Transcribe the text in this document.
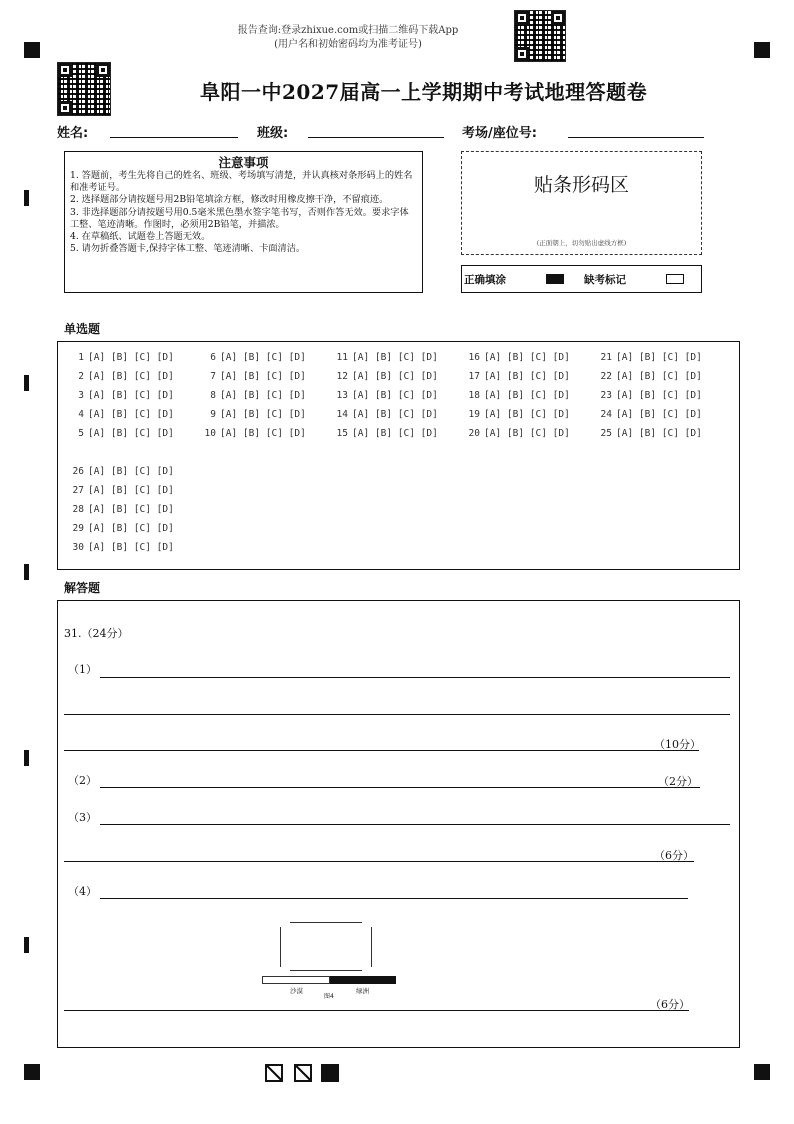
报告查询:登录zhixue.com或扫描二维码下载App
(用户名和初始密码均为准考证号)
阜阳一中2027届高一上学期期中考试地理答题卷
姓名:	班级:	考场/座位号:
注意事项

1. 答题前，考生先将自己的姓名、班级、考场填写清楚，并认真核对条形码上的姓名和准考证号。

2. 选择题部分请按题号用2B铅笔填涂方框，修改时用橡皮擦干净，不留痕迹。

3. 非选择题部分请按题号用0.5毫米黑色墨水签字笔书写，否则作答无效。要求字体工整、笔迹清晰。作图时，必须用2B铅笔，并描浓。

4. 在草稿纸、试题卷上答题无效。

5. 请勿折叠答题卡,保持字体工整、笔迹清晰、卡面清洁。

贴条形码区
(正面朝上，切勿贴出虚线方框)
正确填涂	缺考标记
单选题
1 [A] [B] [C] [D]
2 [A] [B] [C] [D]
3 [A] [B] [C] [D]
4 [A] [B] [C] [D]
5 [A] [B] [C] [D]
6 [A] [B] [C] [D]
7 [A] [B] [C] [D]
8 [A] [B] [C] [D]
9 [A] [B] [C] [D]
10 [A] [B] [C] [D]
11 [A] [B] [C] [D]
12 [A] [B] [C] [D]
13 [A] [B] [C] [D]
14 [A] [B] [C] [D]
15 [A] [B] [C] [D]
16 [A] [B] [C] [D]
17 [A] [B] [C] [D]
18 [A] [B] [C] [D]
19 [A] [B] [C] [D]
20 [A] [B] [C] [D]
21 [A] [B] [C] [D]
22 [A] [B] [C] [D]
23 [A] [B] [C] [D]
24 [A] [B] [C] [D]
25 [A] [B] [C] [D]
26 [A] [B] [C] [D]
27 [A] [B] [C] [D]
28 [A] [B] [C] [D]
29 [A] [B] [C] [D]
30 [A] [B] [C] [D]
解答题
31.（24分）
（1）
（10分）
（2）	（2分）
（3）
（6分）
（4）
沙漠
图4
绿洲
（6分）
